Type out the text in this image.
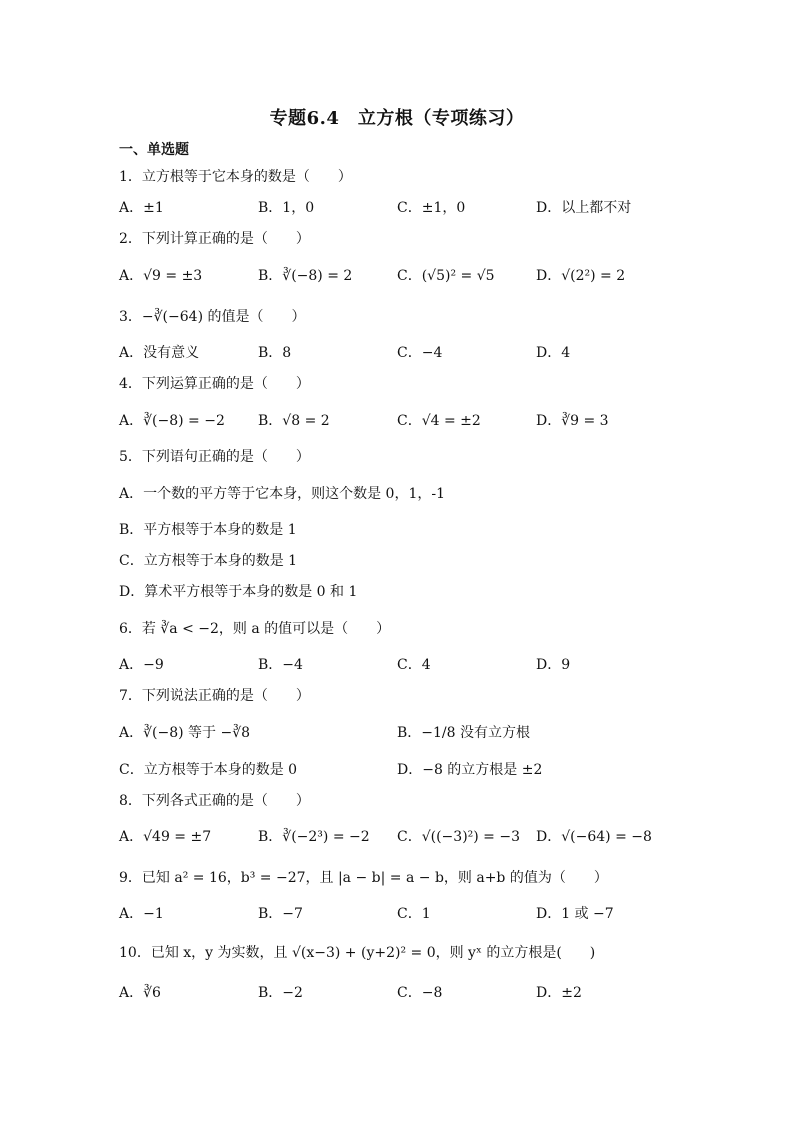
专题6.4　立方根（专项练习）
一、单选题
1．立方根等于它本身的数是（　　）
A．±1	B．1，0	C．±1，0	D．以上都不对
2．下列计算正确的是（　　）
A．√9 = ±3	B．∛(−8) = 2	C．(√5)² = √5	D．√(2²) = 2
3．−∛(−64) 的值是（　　）
A．没有意义	B．8	C．−4	D．4
4．下列运算正确的是（　　）
A．∛(−8) = −2 B．√8 = 2	C．√4 = ±2	D．∛9 = 3
5．下列语句正确的是（　　）
A．一个数的平方等于它本身，则这个数是 0，1，-1
B．平方根等于本身的数是 1
C．立方根等于本身的数是 1
D．算术平方根等于本身的数是 0 和 1
6．若 ∛a < −2，则 a 的值可以是（　　）
A．−9	B．−4	C．4	D．9
7．下列说法正确的是（　　）
A．∛(−8) 等于 −∛8	B．−1/8 没有立方根
C．立方根等于本身的数是 0	D．−8 的立方根是 ±2
8．下列各式正确的是（　　）
A．√49 = ±7	B．∛(−2³) = −2 C．√((−3)²) = −3 D．√(−64) = −8
9．已知 a² = 16，b³ = −27，且 |a − b| = a − b，则 a+b 的值为（　　）
A．−1	B．−7	C．1	D．1 或 −7
10．已知 x，y 为实数，且 √(x−3) + (y+2)² = 0，则 yˣ 的立方根是(　　)
A．∛6	B．−2	C．−8	D．±2
